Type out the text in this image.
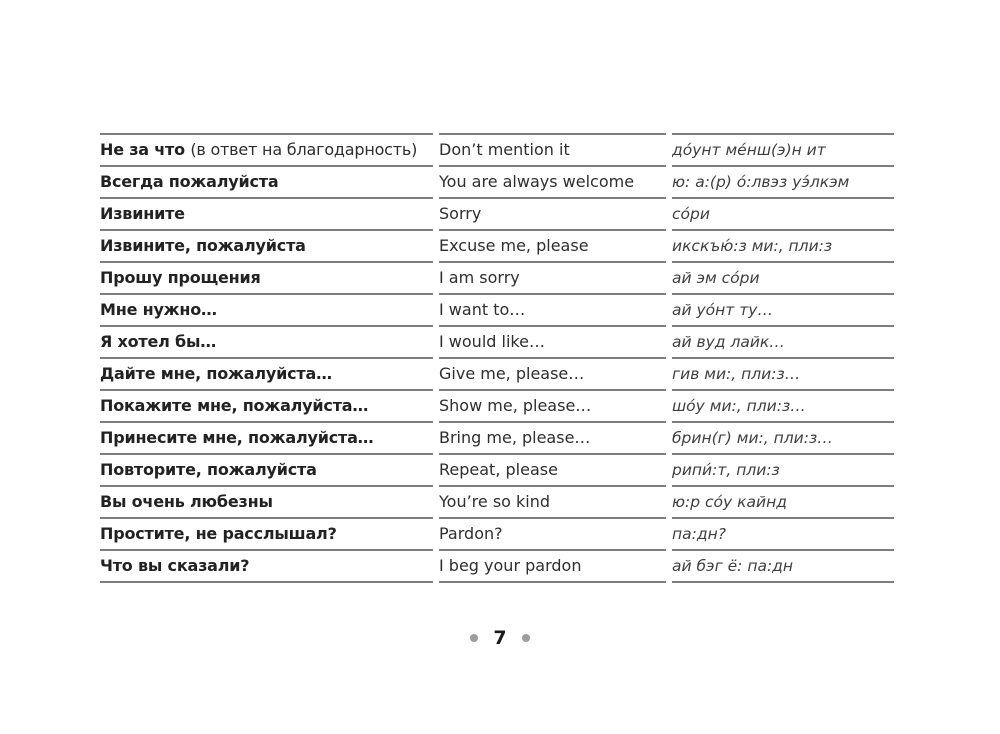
Не за что (в ответ на благодарность)	Don’t mention it	до́унт ме́нш(э)н ит
Всегда пожалуйста	You are always welcome	ю: а:(р) о́:лвэз уэ́лкэм
Извините	Sorry	со́ри
Извините, пожалуйста	Excuse me, please	икскъю́:з ми:, пли:з
Прошу прощения	I am sorry	ай эм со́ри
Мне нужно…	I want to…	ай уо́нт ту…
Я хотел бы…	I would like…	ай вуд лайк…
Дайте мне, пожалуйста…	Give me, please…	гив ми:, пли:з…
Покажите мне, пожалуйста…	Show me, please…	шо́у ми:, пли:з…
Принесите мне, пожалуйста…	Bring me, please…	брин(г) ми:, пли:з…
Повторите, пожалуйста	Repeat, please	рипи́:т, пли:з
Вы очень любезны	You’re so kind	ю:р со́у кайнд
Простите, не расслышал?	Pardon?	па:дн?
Что вы сказали?	I beg your pardon	ай бэг ё: па:дн
7
